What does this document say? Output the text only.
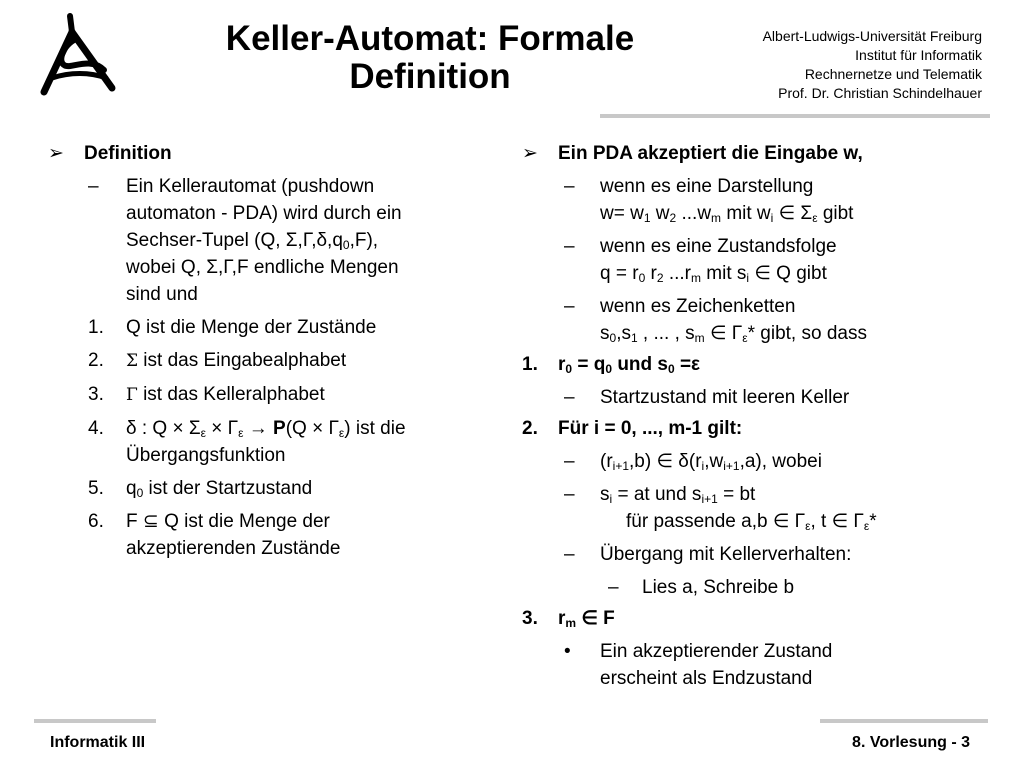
Keller-Automat: Formale
Definition
Albert-Ludwigs-Universität Freiburg
Institut für Informatik
Rechnernetze und Telematik
Prof. Dr. Christian Schindelhauer
➢ Definition
– Ein Kellerautomat (pushdown
automaton - PDA) wird durch ein
Sechser-Tupel (Q, $\Sigma,\Gamma,\delta,q_0,F$),
wobei Q, Σ,Γ,F endliche Mengen
sind und
1. Q ist die Menge der Zustände
2. Σ ist das Eingabealphabet
3. Γ ist das Kelleralphabet
4. δ : $Q \times \Sigma_\varepsilon \times \Gamma_\varepsilon \to P(Q \times \Gamma_\varepsilon)$ ist die
Übergangsfunktion
5. $q_0$ ist der Startzustand
6. F ⊆ Q ist die Menge der
akzeptierenden Zustände
➢ Ein PDA akzeptiert die Eingabe w,
– wenn es eine Darstellung
$w= w_1$ $w_2$ $...w_m$ mit $w_i$ ∈ $\Sigma_\varepsilon$ gibt
– wenn es eine Zustandsfolge
$q = r_0$ $r_2$ $...r_m$ mit $s_i$ ∈ Q gibt
– wenn es Zeichenketten
$s_0,s_1$ , ... , $s_m$ ∈ $\Gamma_\varepsilon*$ gibt, so dass
1. $r_0 = q_0$ und $s_0 =\varepsilon$
– Startzustand mit leeren Keller
2. Für i = 0, ..., m-1 gilt:
– $(r_{i+1},b)$ ∈ $\delta(r_i,w_{i+1},a)$, wobei
– $s_i$ = at und $s_{i+1}$ = bt
für passende a,b ∈ $\Gamma_\varepsilon$, t ∈ $\Gamma_\varepsilon*$
– Übergang mit Kellerverhalten:
– Lies a, Schreibe b
3. $r_m$ ∈ F
• Ein akzeptierender Zustand
erscheint als Endzustand
Informatik III	8. Vorlesung - 3
